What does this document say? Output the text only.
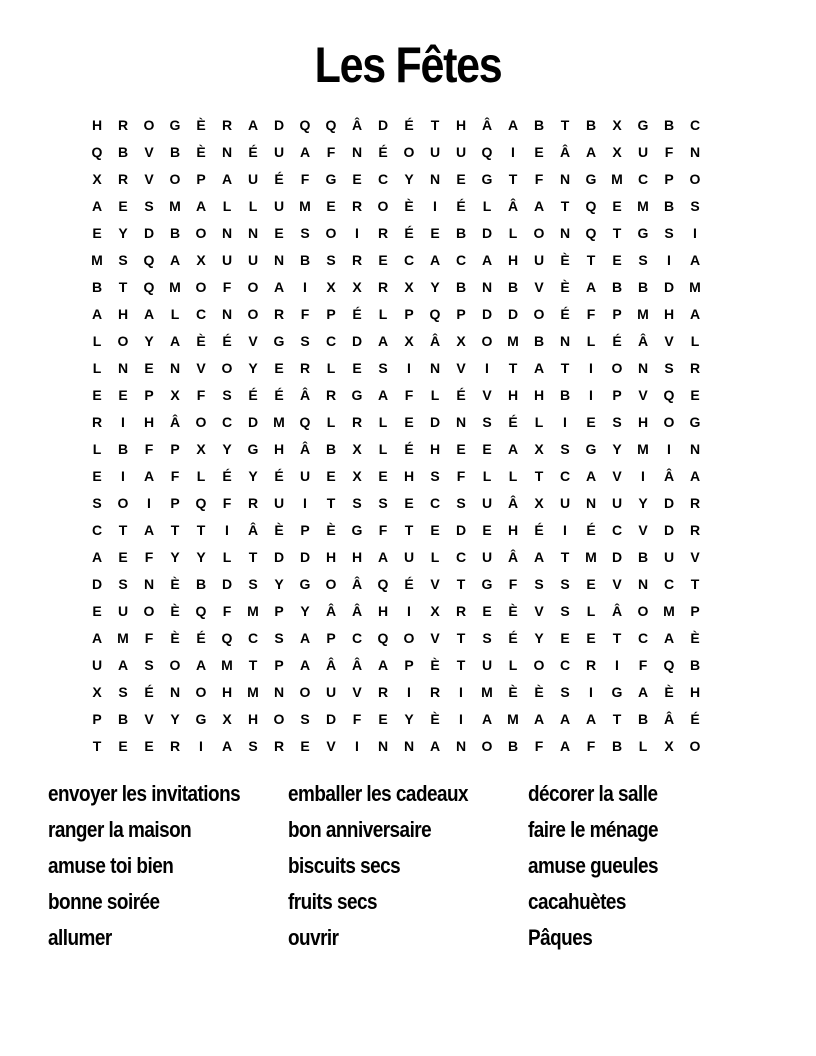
Les Fêtes
H	R	O	G	È	R	A	D	Q	Q	Â	D	É	T	H	Â	A	B	T	B	X	G	B	C
Q	B	V	B	È	N	É	U	A	F	N	É	O	U	U	Q	I	E	Â	A	X	U	F	N
X	R	V	O	P	A	U	É	F	G	E	C	Y	N	E	G	T	F	N	G	M	C	P	O
A	E	S	M	A	L	L	U	M	E	R	O	È	I	É	L	Â	A	T	Q	E	M	B	S
E	Y	D	B	O	N	N	E	S	O	I	R	É	E	B	D	L	O	N	Q	T	G	S	I
M	S	Q	A	X	U	U	N	B	S	R	E	C	A	C	A	H	U	È	T	E	S	I	A
B	T	Q	M	O	F	O	A	I	X	X	R	X	Y	B	N	B	V	È	A	B	B	D	M
A	H	A	L	C	N	O	R	F	P	É	L	P	Q	P	D	D	O	É	F	P	M	H	A
L	O	Y	A	È	É	V	G	S	C	D	A	X	Â	X	O	M	B	N	L	É	Â	V	L
L	N	E	N	V	O	Y	E	R	L	E	S	I	N	V	I	T	A	T	I	O	N	S	R
E	E	P	X	F	S	É	É	Â	R	G	A	F	L	É	V	H	H	B	I	P	V	Q	E
R	I	H	Â	O	C	D	M	Q	L	R	L	E	D	N	S	É	L	I	E	S	H	O	G
L	B	F	P	X	Y	G	H	Â	B	X	L	É	H	E	E	A	X	S	G	Y	M	I	N
E	I	A	F	L	É	Y	É	U	E	X	E	H	S	F	L	L	T	C	A	V	I	Â	A
S	O	I	P	Q	F	R	U	I	T	S	S	E	C	S	U	Â	X	U	N	U	Y	D	R
C	T	A	T	T	I	Â	È	P	È	G	F	T	E	D	E	H	É	I	É	C	V	D	R
A	E	F	Y	Y	L	T	D	D	H	H	A	U	L	C	U	Â	A	T	M	D	B	U	V
D	S	N	È	B	D	S	Y	G	O	Â	Q	É	V	T	G	F	S	S	E	V	N	C	T
E	U	O	È	Q	F	M	P	Y	Â	Â	H	I	X	R	E	È	V	S	L	Â	O	M	P
A	M	F	È	É	Q	C	S	A	P	C	Q	O	V	T	S	É	Y	E	E	T	C	A	È
U	A	S	O	A	M	T	P	A	Â	Â	A	P	È	T	U	L	O	C	R	I	F	Q	B
X	S	É	N	O	H	M	N	O	U	V	R	I	R	I	M	È	È	S	I	G	A	È	H
P	B	V	Y	G	X	H	O	S	D	F	E	Y	È	I	A	M	A	A	A	T	B	Â	É
T	E	E	R	I	A	S	R	E	V	I	N	N	A	N	O	B	F	A	F	B	L	X	O
envoyer les invitations	emballer les cadeaux	décorer la salle
ranger la maison	bon anniversaire	faire le ménage
amuse toi bien	biscuits secs	amuse gueules
bonne soirée	fruits secs	cacahuètes
allumer	ouvrir	Pâques
